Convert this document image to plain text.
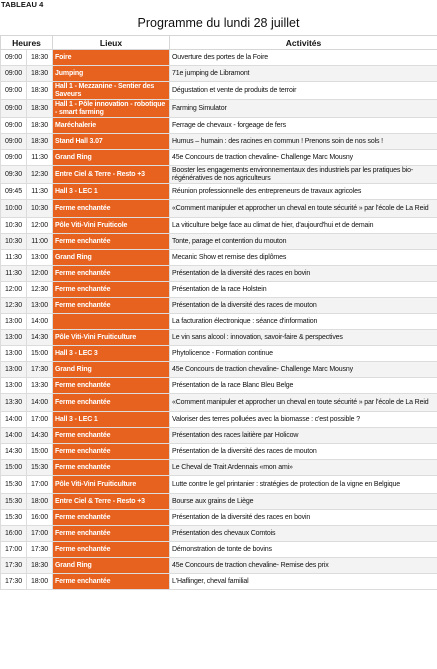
TABLEAU 4
Programme du lundi 28 juillet
Heures		Lieux	Activités
09:00	18:30	Foire	Ouverture des portes de la Foire
09:00	18:30	Jumping	71e jumping de Libramont
09:00	18:30	Hall 1 - Mezzanine - Sentier des Saveurs	Dégustation et vente de produits de terroir
09:00	18:30	Hall 1 - Pôle innovation - robotique - smart farming	Farming Simulator
09:00	18:30	Maréchalerie	Ferrage de chevaux - forgeage de fers
09:00	18:30	Stand Hall 3.07	Humus – humain : des racines en commun ! Prenons soin de nos sols !
09:00	11:30	Grand Ring	45e Concours de traction chevaline- Challenge Marc Mousny
09:30	12:30	Entre Ciel & Terre - Resto +3	Booster les engagements environnementaux des industriels par les pratiques bio-régénératives de nos agriculteurs
09:45	11:30	Hall 3 - LEC 1	Réunion professionnelle des entrepreneurs de travaux agricoles
10:00	10:30	Ferme enchantée	«Comment manipuler et approcher un cheval en toute sécurité » par l'école de La Reid
10:30	12:00	Pôle Viti-Vini Fruiticole	La viticulture belge face au climat de hier, d'aujourd'hui et de demain
10:30	11:00	Ferme enchantée	Tonte, parage et contention du mouton
11:30	13:00	Grand Ring	Mecanic Show et remise des diplômes
11:30	12:00	Ferme enchantée	Présentation de la diversité des races en bovin
12:00	12:30	Ferme enchantée	Présentation de la race Holstein
12:30	13:00	Ferme enchantée	Présentation de la diversité des races de mouton
13:00	14:00		La facturation électronique : séance d'information
13:00	14:30	Pôle Viti-Vini Fruiticulture	Le vin sans alcool : innovation, savoir-faire & perspectives
13:00	15:00	Hall 3 - LEC 3	Phytolicence - Formation continue
13:00	17:30	Grand Ring	45e Concours de traction chevaline- Challenge Marc Mousny
13:00	13:30	Ferme enchantée	Présentation de la race Blanc Bleu Belge
13:30	14:00	Ferme enchantée	«Comment manipuler et approcher un cheval en toute sécurité » par l'école de La Reid
14:00	17:00	Hall 3 - LEC 1	Valoriser des terres polluées avec la biomasse : c'est possible ?
14:00	14:30	Ferme enchantée	Présentation des races laitière par Holicow
14:30	15:00	Ferme enchantée	Présentation de la diversité des races de mouton
15:00	15:30	Ferme enchantée	Le Cheval de Trait Ardennais «mon ami»
15:30	17:00	Pôle Viti-Vini Fruiticulture	Lutte contre le gel printanier : stratégies de protection de la vigne en Belgique
15:30	18:00	Entre Ciel & Terre - Resto +3	Bourse aux grains de Liège
15:30	16:00	Ferme enchantée	Présentation de la diversité des races en bovin
16:00	17:00	Ferme enchantée	Présentation des chevaux Comtois
17:00	17:30	Ferme enchantée	Démonstration de tonte de bovins
17:30	18:30	Grand Ring	45e Concours de traction chevaline- Remise des prix
17:30	18:00	Ferme enchantée	L'Haflinger, cheval familial
